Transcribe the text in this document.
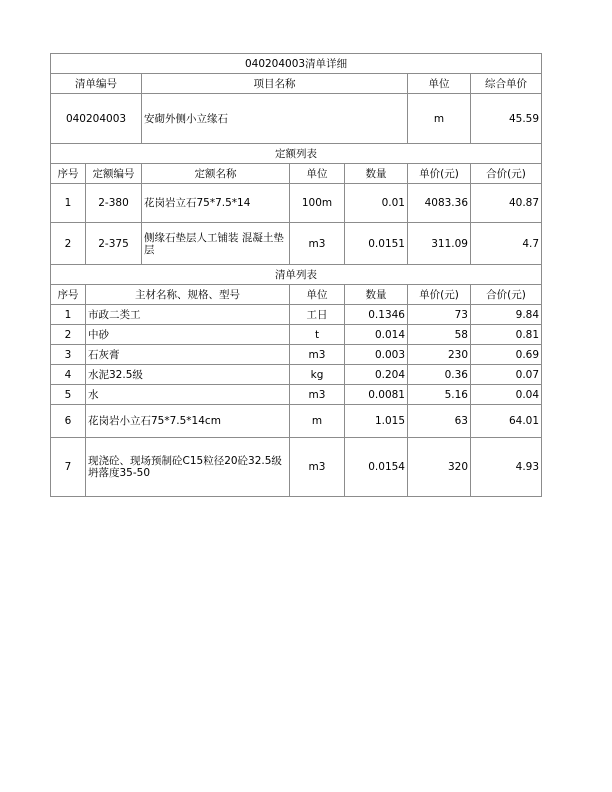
040204003清单详细						
清单编号		项目名称			单位	综合单价
040204003		安砌外侧小立缘石			m	45.59
定额列表						
序号	定额编号	定额名称	单位	数量	单价(元)	合价(元)
1	2-380	花岗岩立石75*7.5*14	100m	0.01	4083.36	40.87
2	2-375	侧缘石垫层人工铺装 混凝土垫层	m3	0.0151	311.09	4.7
清单列表						
序号	主材名称、规格、型号		单位	数量	单价(元)	合价(元)
1	市政二类工		工日	0.1346	73	9.84
2	中砂		t	0.014	58	0.81
3	石灰膏		m3	0.003	230	0.69
4	水泥32.5级		kg	0.204	0.36	0.07
5	水		m3	0.0081	5.16	0.04
6	花岗岩小立石75*7.5*14cm		m	1.015	63	64.01
7	现浇砼、现场预制砼C15粒径20砼32.5级坍落度35-50		m3	0.0154	320	4.93
